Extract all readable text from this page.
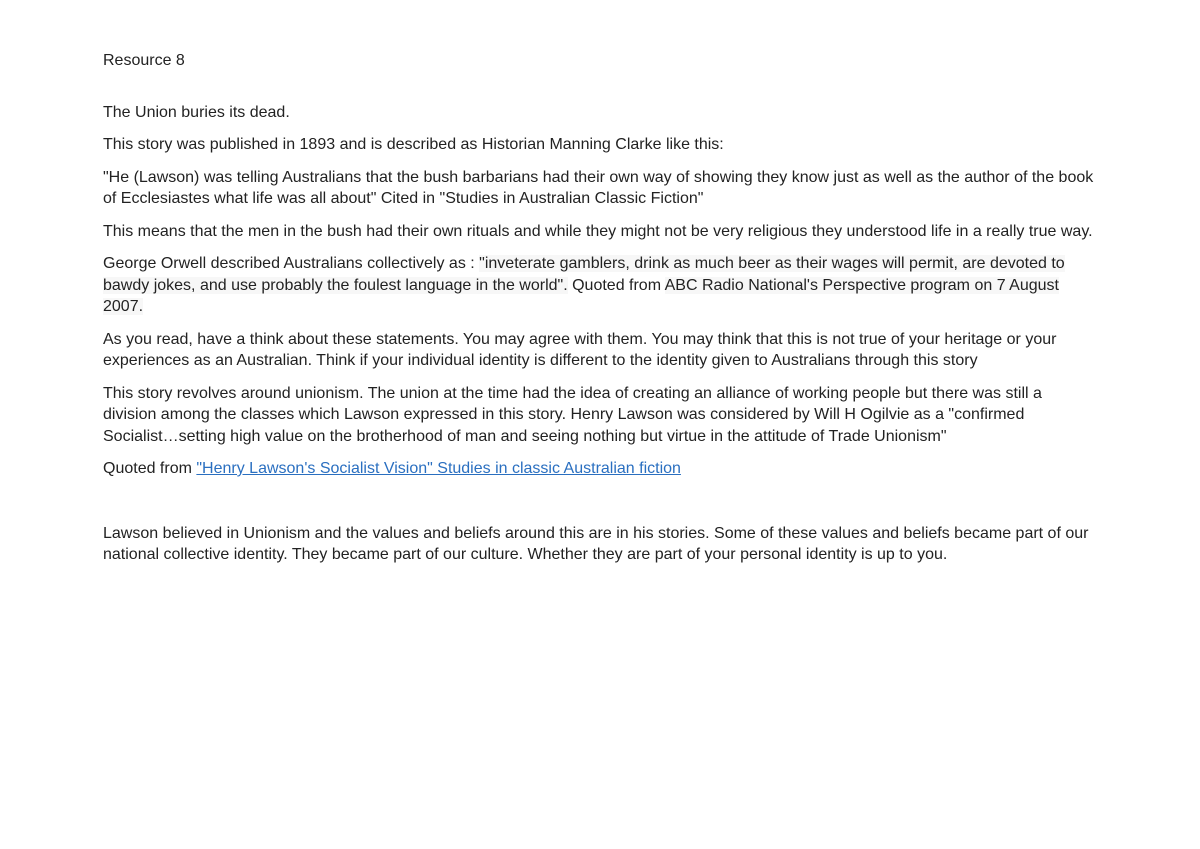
Resource 8

The Union buries its dead.

This story was published in 1893 and is described as Historian Manning Clarke like this:

"He (Lawson) was telling Australians that the bush barbarians had their own way of showing they know just as well as the author of the book of Ecclesiastes what life was all about" Cited in "Studies in Australian Classic Fiction"

This means that the men in the bush had their own rituals and while they might not be very religious they understood life in a really true way.

George Orwell described Australians collectively as : "inveterate gamblers, drink as much beer as their wages will permit, are devoted to bawdy jokes, and use probably the foulest language in the world". Quoted from ABC Radio National's Perspective program on 7 August 2007.

As you read, have a think about these statements. You may agree with them. You may think that this is not true of your heritage or your experiences as an Australian. Think if your individual identity is different to the identity given to Australians through this story

This story revolves around unionism. The union at the time had the idea of creating an alliance of working people but there was still a division among the classes which Lawson expressed in this story. Henry Lawson was considered by Will H Ogilvie as a "confirmed Socialist…setting high value on the brotherhood of man and seeing nothing but virtue in the attitude of Trade Unionism"

Quoted from "Henry Lawson's Socialist Vision" Studies in classic Australian fiction

Lawson believed in Unionism and the values and beliefs around this are in his stories. Some of these values and beliefs became part of our national collective identity. They became part of our culture. Whether they are part of your personal identity is up to you.
